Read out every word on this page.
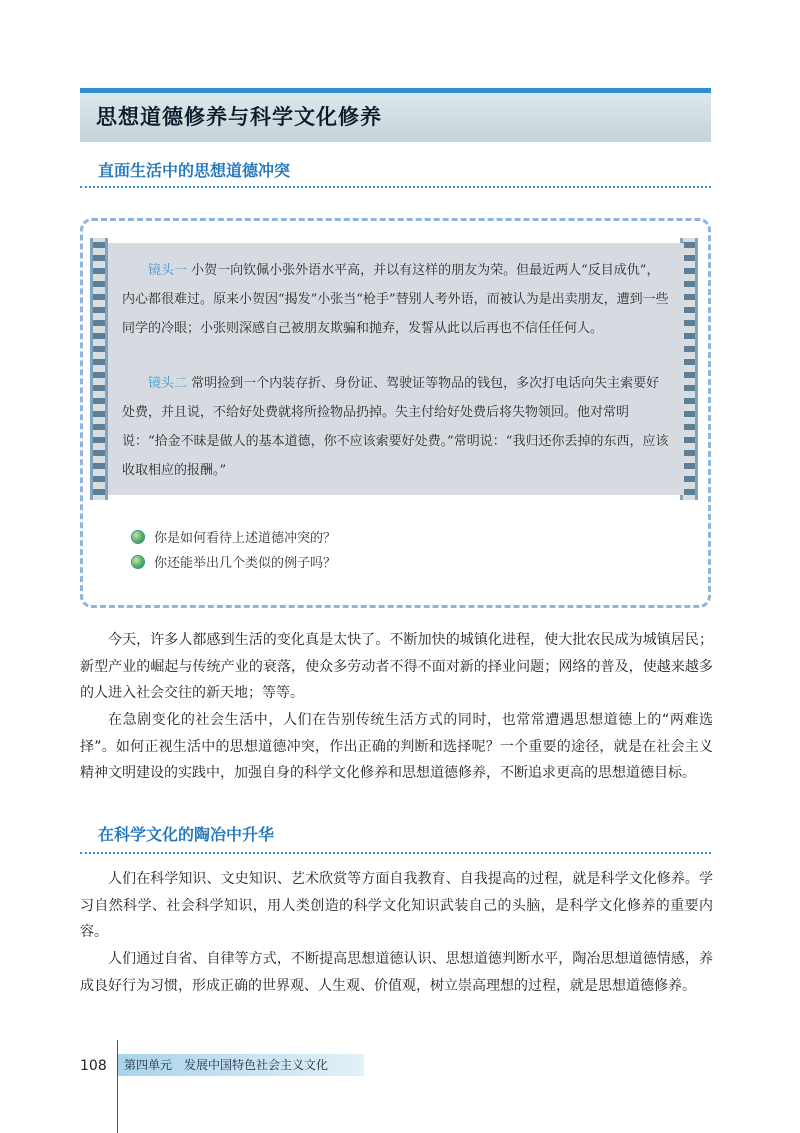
思想道德修养与科学文化修养
直面生活中的思想道德冲突

镜头一 小贺一向钦佩小张外语水平高，并以有这样的朋友为荣。但最近两人“反目成仇”，内心都很难过。原来小贺因“揭发”小张当“枪手”替别人考外语，而被认为是出卖朋友，遭到一些同学的冷眼；小张则深感自己被朋友欺骗和抛弃，发誓从此以后再也不信任任何人。

镜头二 常明捡到一个内装存折、身份证、驾驶证等物品的钱包，多次打电话向失主索要好处费，并且说，不给好处费就将所捡物品扔掉。失主付给好处费后将失物领回。他对常明说：“拾金不昧是做人的基本道德，你不应该索要好处费。”常明说：“我归还你丢掉的东西，应该收取相应的报酬。”

你是如何看待上述道德冲突的？
你还能举出几个类似的例子吗？

今天，许多人都感到生活的变化真是太快了。不断加快的城镇化进程，使大批农民成为城镇居民；新型产业的崛起与传统产业的衰落，使众多劳动者不得不面对新的择业问题；网络的普及，使越来越多的人进入社会交往的新天地；等等。

在急剧变化的社会生活中，人们在告别传统生活方式的同时，也常常遭遇思想道德上的“两难选择”。如何正视生活中的思想道德冲突，作出正确的判断和选择呢？一个重要的途径，就是在社会主义精神文明建设的实践中，加强自身的科学文化修养和思想道德修养，不断追求更高的思想道德目标。

在科学文化的陶冶中升华

人们在科学知识、文史知识、艺术欣赏等方面自我教育、自我提高的过程，就是科学文化修养。学习自然科学、社会科学知识，用人类创造的科学文化知识武装自己的头脑，是科学文化修养的重要内容。

人们通过自省、自律等方式，不断提高思想道德认识、思想道德判断水平，陶冶思想道德情感，养成良好行为习惯，形成正确的世界观、人生观、价值观，树立崇高理想的过程，就是思想道德修养。

108	第四单元　发展中国特色社会主义文化
